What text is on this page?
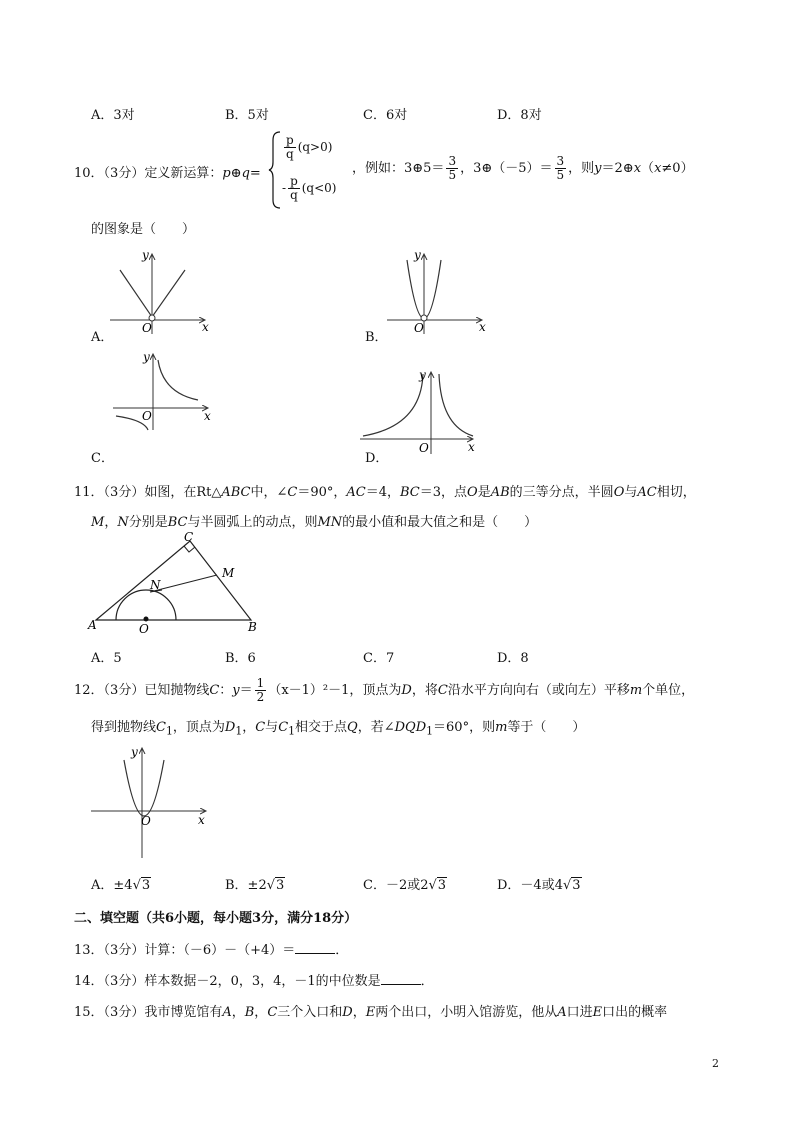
A．3对	B．5对	C．6对	D．8对
10．（3分）定义新运算：p⊕q=
$\frac{p}{q} (q>0)$
- $\frac{p}{q} (q<0)$
，例如：3⊕5＝ $\frac{3}{5}$ ，3⊕（－5）＝ $\frac{3}{5}$ ，则y＝2⊕x（x≠0）
的图象是（　　）
y
x
O
A．
y
x
O
B．
y
x
O
C．
y
x
O
D．
11．（3分）如图，在Rt△ABC中，∠C＝90°，AC＝4，BC＝3，点O是AB的三等分点，半圆O与AC相切，
M，N分别是BC与半圆弧上的动点，则MN的最小值和最大值之和是（　　）
A	B
C
M
N
O
A．5	B．6	C．7	D．8
12．（3分）已知抛物线C：$y= \frac{1}{2} (x-1)^2-1$，顶点为D，将C沿水平方向向右（或向左）平移m个单位，
得到抛物线$C_1$，顶点为$D_1$，C与$C_1$相交于点Q，若$\angle DQD_1=60^\circ$，则m等于（　　）
y
x
O
A．±4√3	B．±2√3	C．－2或2√3	D．－4或4√3
二、填空题（共6小题，每小题3分，满分18分）
13．（3分）计算：（－6）－（+4）＝	．
14．（3分）样本数据－2，0，3，4，－1的中位数是	．
15．（3分）我市博览馆有A，B，C三个入口和D，E两个出口，小明入馆游览，他从A口进E口出的概率
2
